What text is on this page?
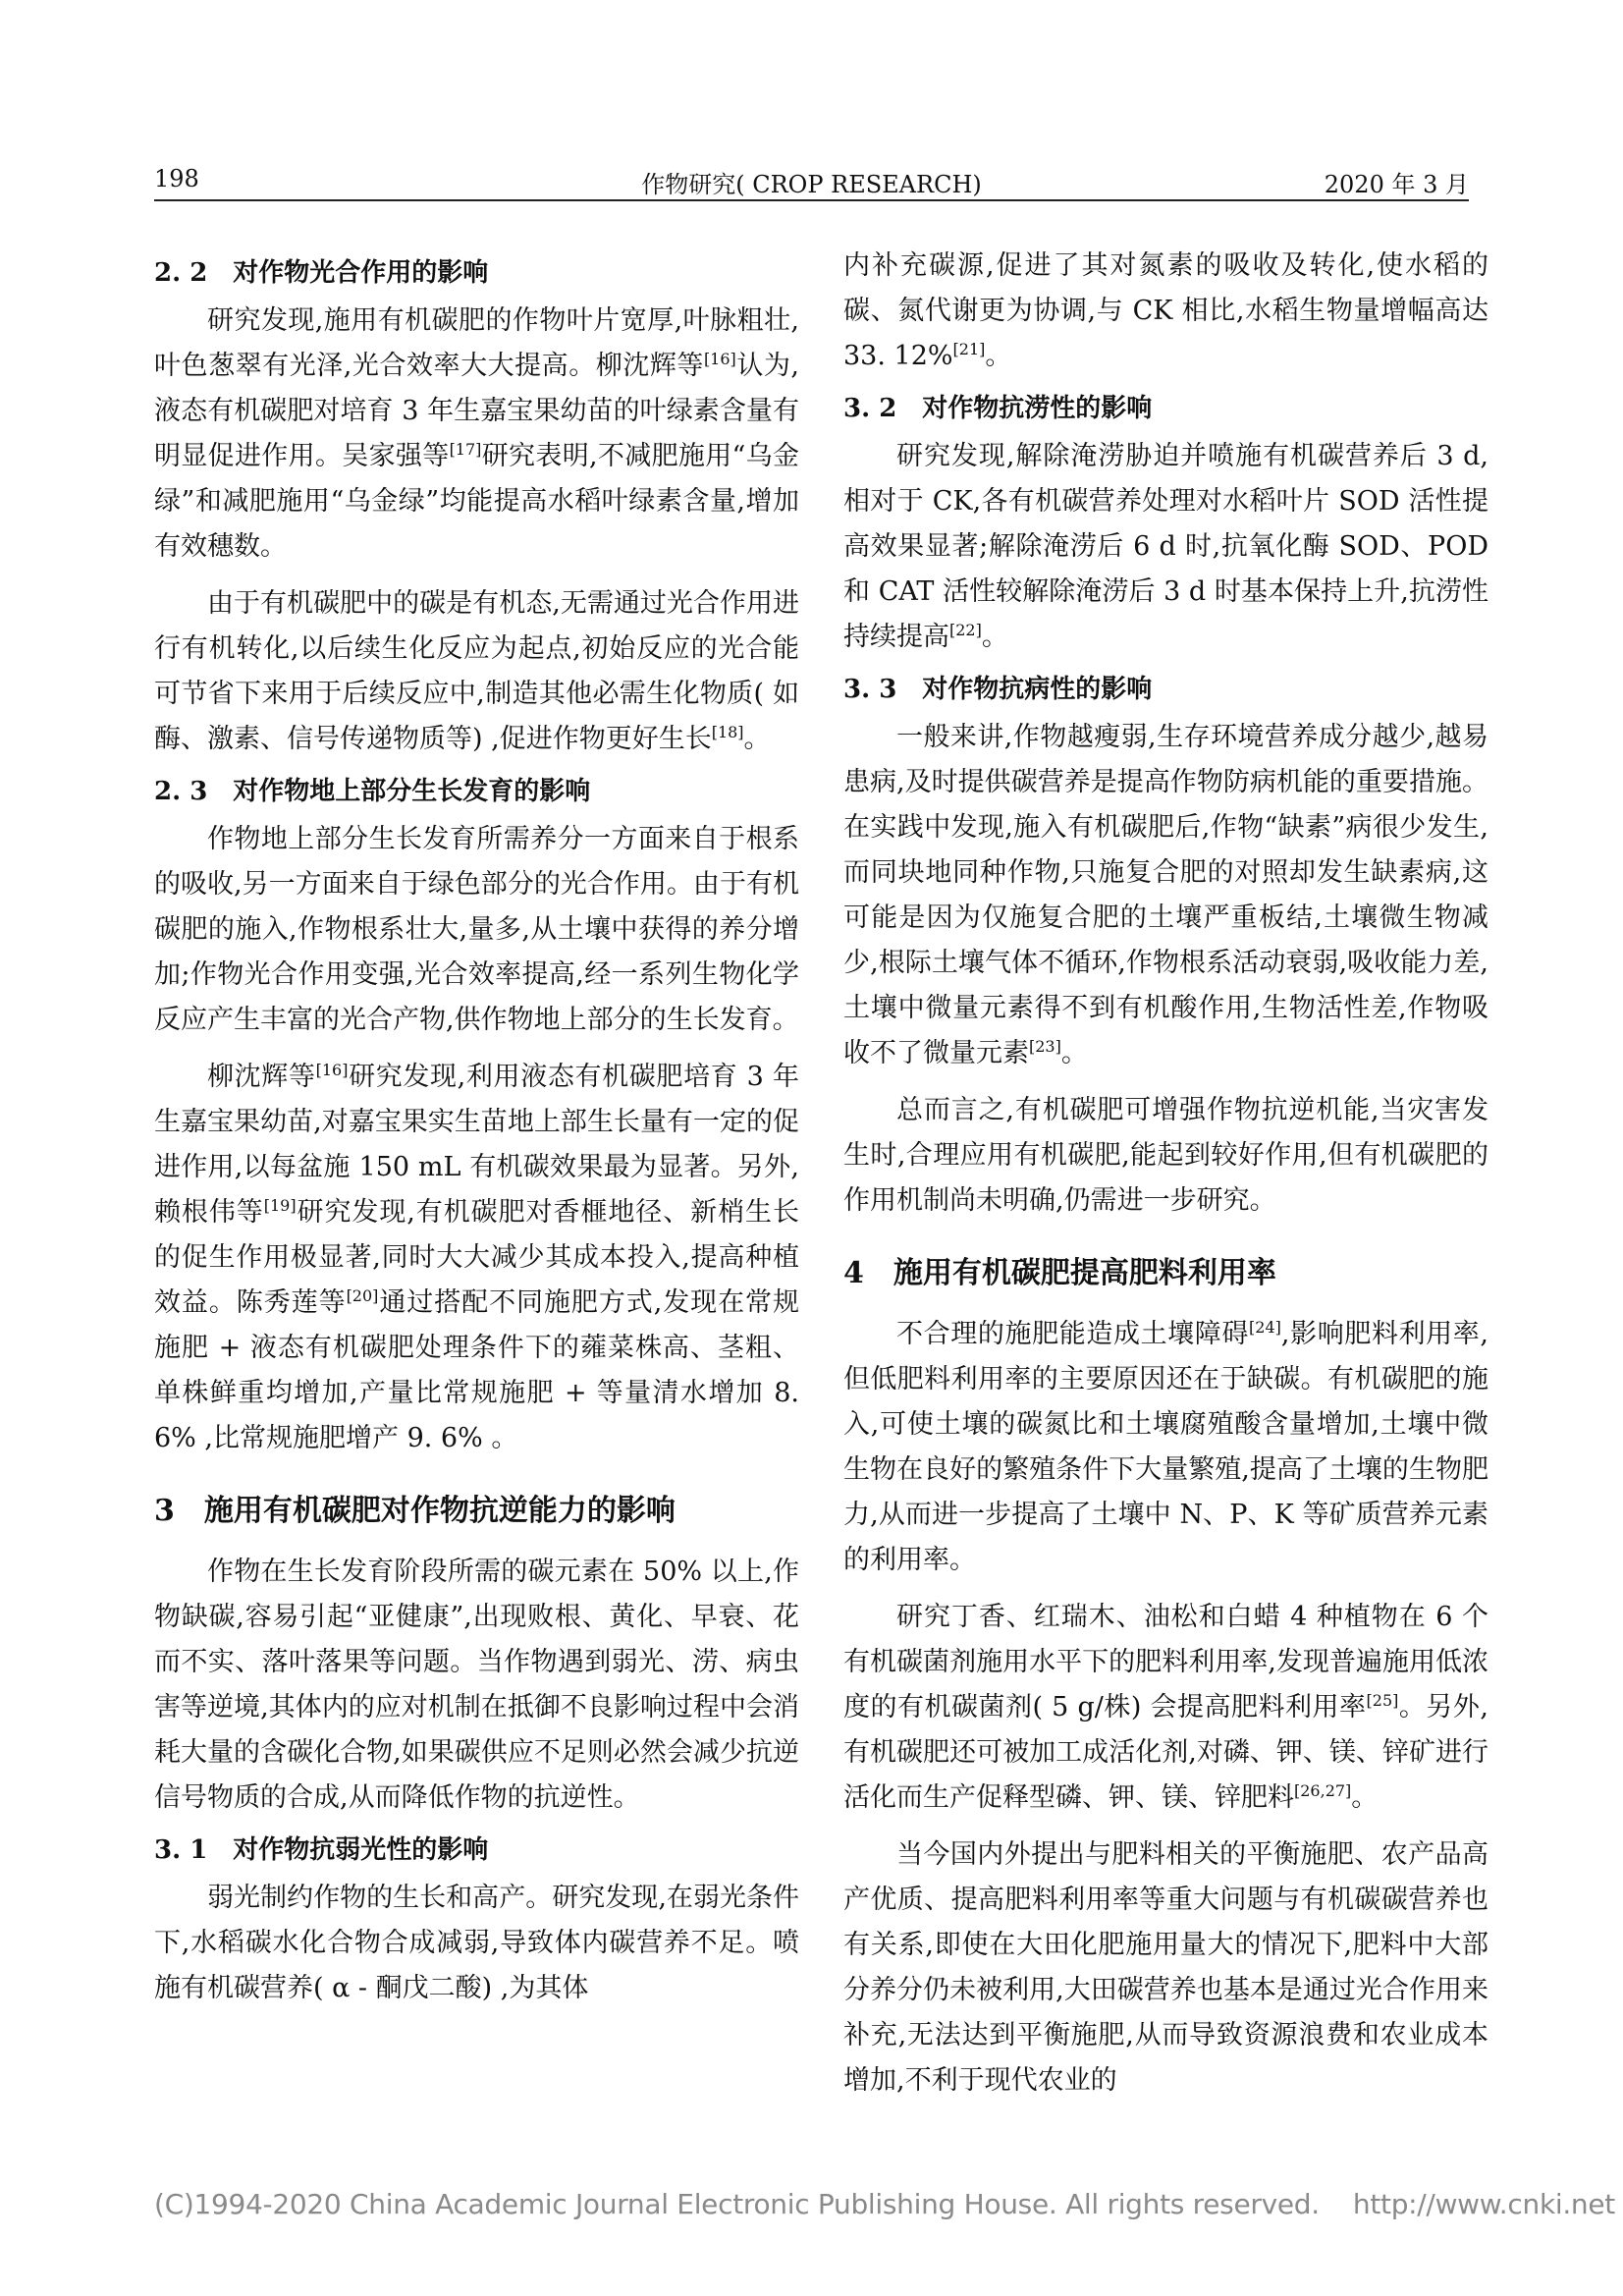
198	作物研究( CROP RESEARCH)	2020 年 3 月
2. 2 对作物光合作用的影响

研究发现,施用有机碳肥的作物叶片宽厚,叶脉粗壮,叶色葱翠有光泽,光合效率大大提高。柳沈辉等[16]认为,液态有机碳肥对培育 3 年生嘉宝果幼苗的叶绿素含量有明显促进作用。吴家强等[17]研究表明,不减肥施用“乌金绿”和减肥施用“乌金绿”均能提高水稻叶绿素含量,增加有效穗数。

由于有机碳肥中的碳是有机态,无需通过光合作用进行有机转化,以后续生化反应为起点,初始反应的光合能可节省下来用于后续反应中,制造其他必需生化物质( 如酶、激素、信号传递物质等) ,促进作物更好生长[18]。

2. 3 对作物地上部分生长发育的影响

作物地上部分生长发育所需养分一方面来自于根系的吸收,另一方面来自于绿色部分的光合作用。由于有机碳肥的施入,作物根系壮大,量多,从土壤中获得的养分增加;作物光合作用变强,光合效率提高,经一系列生物化学反应产生丰富的光合产物,供作物地上部分的生长发育。

柳沈辉等[16]研究发现,利用液态有机碳肥培育 3 年生嘉宝果幼苗,对嘉宝果实生苗地上部生长量有一定的促进作用,以每盆施 150 mL 有机碳效果最为显著。另外,赖根伟等[19]研究发现,有机碳肥对香榧地径、新梢生长的促生作用极显著,同时大大减少其成本投入,提高种植效益。陈秀莲等[20]通过搭配不同施肥方式,发现在常规施肥 + 液态有机碳肥处理条件下的蕹菜株高、茎粗、单株鲜重均增加,产量比常规施肥 + 等量清水增加 8. 6% ,比常规施肥增产 9. 6% 。

3 施用有机碳肥对作物抗逆能力的影响

作物在生长发育阶段所需的碳元素在 50% 以上,作物缺碳,容易引起“亚健康”,出现败根、黄化、早衰、花而不实、落叶落果等问题。当作物遇到弱光、涝、病虫害等逆境,其体内的应对机制在抵御不良影响过程中会消耗大量的含碳化合物,如果碳供应不足则必然会减少抗逆信号物质的合成,从而降低作物的抗逆性。

3. 1 对作物抗弱光性的影响

弱光制约作物的生长和高产。研究发现,在弱光条件下,水稻碳水化合物合成减弱,导致体内碳营养不足。喷施有机碳营养( α - 酮戊二酸) ,为其体

内补充碳源,促进了其对氮素的吸收及转化,使水稻的碳、氮代谢更为协调,与 CK 相比,水稻生物量增幅高达 33. 12%[21]。

3. 2 对作物抗涝性的影响

研究发现,解除淹涝胁迫并喷施有机碳营养后 3 d,相对于 CK,各有机碳营养处理对水稻叶片 SOD 活性提高效果显著;解除淹涝后 6 d 时,抗氧化酶 SOD、POD 和 CAT 活性较解除淹涝后 3 d 时基本保持上升,抗涝性持续提高[22]。

3. 3 对作物抗病性的影响

一般来讲,作物越瘦弱,生存环境营养成分越少,越易患病,及时提供碳营养是提高作物防病机能的重要措施。在实践中发现,施入有机碳肥后,作物“缺素”病很少发生,而同块地同种作物,只施复合肥的对照却发生缺素病,这可能是因为仅施复合肥的土壤严重板结,土壤微生物减少,根际土壤气体不循环,作物根系活动衰弱,吸收能力差,土壤中微量元素得不到有机酸作用,生物活性差,作物吸收不了微量元素[23]。

总而言之,有机碳肥可增强作物抗逆机能,当灾害发生时,合理应用有机碳肥,能起到较好作用,但有机碳肥的作用机制尚未明确,仍需进一步研究。

4 施用有机碳肥提高肥料利用率

不合理的施肥能造成土壤障碍[24],影响肥料利用率,但低肥料利用率的主要原因还在于缺碳。有机碳肥的施入,可使土壤的碳氮比和土壤腐殖酸含量增加,土壤中微生物在良好的繁殖条件下大量繁殖,提高了土壤的生物肥力,从而进一步提高了土壤中 N、P、K 等矿质营养元素的利用率。

研究丁香、红瑞木、油松和白蜡 4 种植物在 6 个有机碳菌剂施用水平下的肥料利用率,发现普遍施用低浓度的有机碳菌剂( 5 g/株) 会提高肥料利用率[25]。另外,有机碳肥还可被加工成活化剂,对磷、钾、镁、锌矿进行活化而生产促释型磷、钾、镁、锌肥料[26,27]。

当今国内外提出与肥料相关的平衡施肥、农产品高产优质、提高肥料利用率等重大问题与有机碳碳营养也有关系,即使在大田化肥施用量大的情况下,肥料中大部分养分仍未被利用,大田碳营养也基本是通过光合作用来补充,无法达到平衡施肥,从而导致资源浪费和农业成本增加,不利于现代农业的

(C)1994-2020 China Academic Journal Electronic Publishing House. All rights reserved. http://www.cnki.net
